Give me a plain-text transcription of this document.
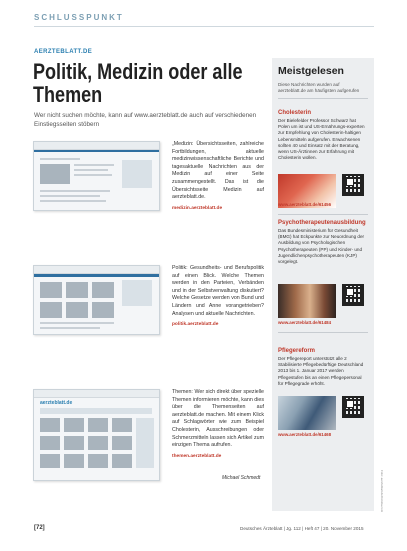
SCHLUSSPUNKT
AERZTEBLATT.DE
Politik, Medizin oder alle Themen
Wer nicht suchen möchte, kann auf www.aerzteblatt.de auch auf verschiedenen Einstiegsseiten stöbern
aerzteblatt.de
„Medizin: Übersichtsseiten, zahlreiche Fortbildungen, aktuelle medizinwissenschaftliche Berichte und tagesaktuelle Nachrichten aus der Medizin auf einer Seite zusammengestellt. Das ist die Übersichtsseite Medizin auf aerzteblatt.de.
medizin.aerzteblatt.de
Politik: Gesundheits- und Berufspolitik auf einen Blick. Welche Themen werden in den Parteien, Verbänden und in der Selbstverwaltung diskutiert? Welche Gesetze werden von Bund und Ländern und Anne vorangetrieben? Analysen und aktuelle Nachrichten.
politik.aerzteblatt.de
Themen: Wer sich direkt über spezielle Themen informieren möchte, kann dies über die Themenseiten auf aerzteblatt.de machen. Mit einem Klick auf Schlagwörter wie zum Beispiel Cholesterin, Ausschreibungen oder Schmerzmitteln lassen sich Artikel zum einzigen Thema aufrufen.
themen.aerzteblatt.de
Michael Schmedt
Meistgelesen
Diese Nachrichten wurden auf aerzteblatt.de am häufigsten aufgerufen
Cholesterin
Der Bielefelder Professor Schwarz hat Polen um ist und US-Ernährungs-experten zur Empfehlung von Cholesterin-haltigen Lebensmitteln aufgerufen. Erwachsenen sollten 40 und Einsatz mit der Beratung, wenn US-Ärztinnen zur Erfahrung mit Cholesterin wollen.
www.aerzteblatt.de/61456
Psychotherapeutenausbildung
Das Bundesministerium für Gesundheit (BMG) hat Eckpunkte zur Neuordnung der Ausbildung von Psychologischen Psychotherapeuten (PP) und Kinder- und Jugendlichenpsychotherapeuten (KJP) vorgelegt.
www.aerzteblatt.de/61484
Pflegereform
Der Pflegereport unterstützt alle 2 Stabilisierte Pflegebedürftige Deutschland 2013 bis 1. Januar 2017 werden Pflegestufen bis an einen Pflegepersonal für Pflegegrade erhöht.
www.aerzteblatt.de/61468
Foto: aerzteblatt.de/Fotolia.com
[72]	Deutsches Ärzteblatt | Jg. 112 | Heft 47 | 20. November 2015
